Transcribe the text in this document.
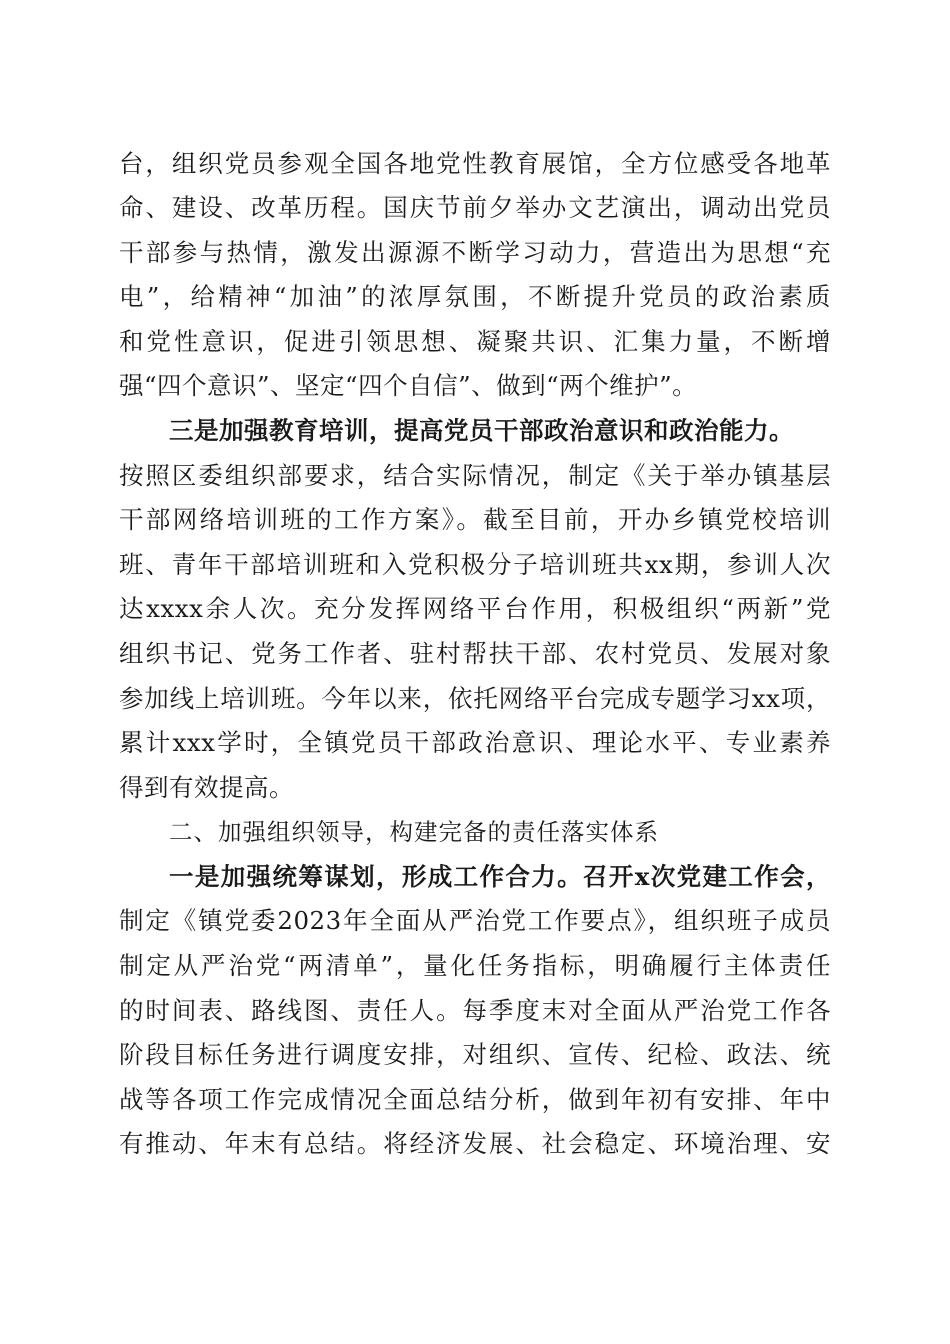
台，组织党员参观全国各地党性教育展馆，全方位感受各地革
命、建设、改革历程。国庆节前夕举办文艺演出，调动出党员
干部参与热情，激发出源源不断学习动力，营造出为思想“充
电”，给精神“加油”的浓厚氛围，不断提升党员的政治素质
和党性意识，促进引领思想、凝聚共识、汇集力量，不断增
强“四个意识”、坚定“四个自信”、做到“两个维护”。
三是加强教育培训，提高党员干部政治意识和政治能力。
按照区委组织部要求，结合实际情况，制定《关于举办镇基层
干部网络培训班的工作方案》。截至目前，开办乡镇党校培训
班、青年干部培训班和入党积极分子培训班共xx期，参训人次
达xxxx余人次。充分发挥网络平台作用，积极组织“两新”党
组织书记、党务工作者、驻村帮扶干部、农村党员、发展对象
参加线上培训班。今年以来，依托网络平台完成专题学习xx项，
累计xxx学时，全镇党员干部政治意识、理论水平、专业素养
得到有效提高。
二、加强组织领导，构建完备的责任落实体系
一是加强统筹谋划，形成工作合力。召开x次党建工作会，
制定《镇党委2023年全面从严治党工作要点》，组织班子成员
制定从严治党“两清单”，量化任务指标，明确履行主体责任
的时间表、路线图、责任人。每季度末对全面从严治党工作各
阶段目标任务进行调度安排，对组织、宣传、纪检、政法、统
战等各项工作完成情况全面总结分析，做到年初有安排、年中
有推动、年末有总结。将经济发展、社会稳定、环境治理、安
